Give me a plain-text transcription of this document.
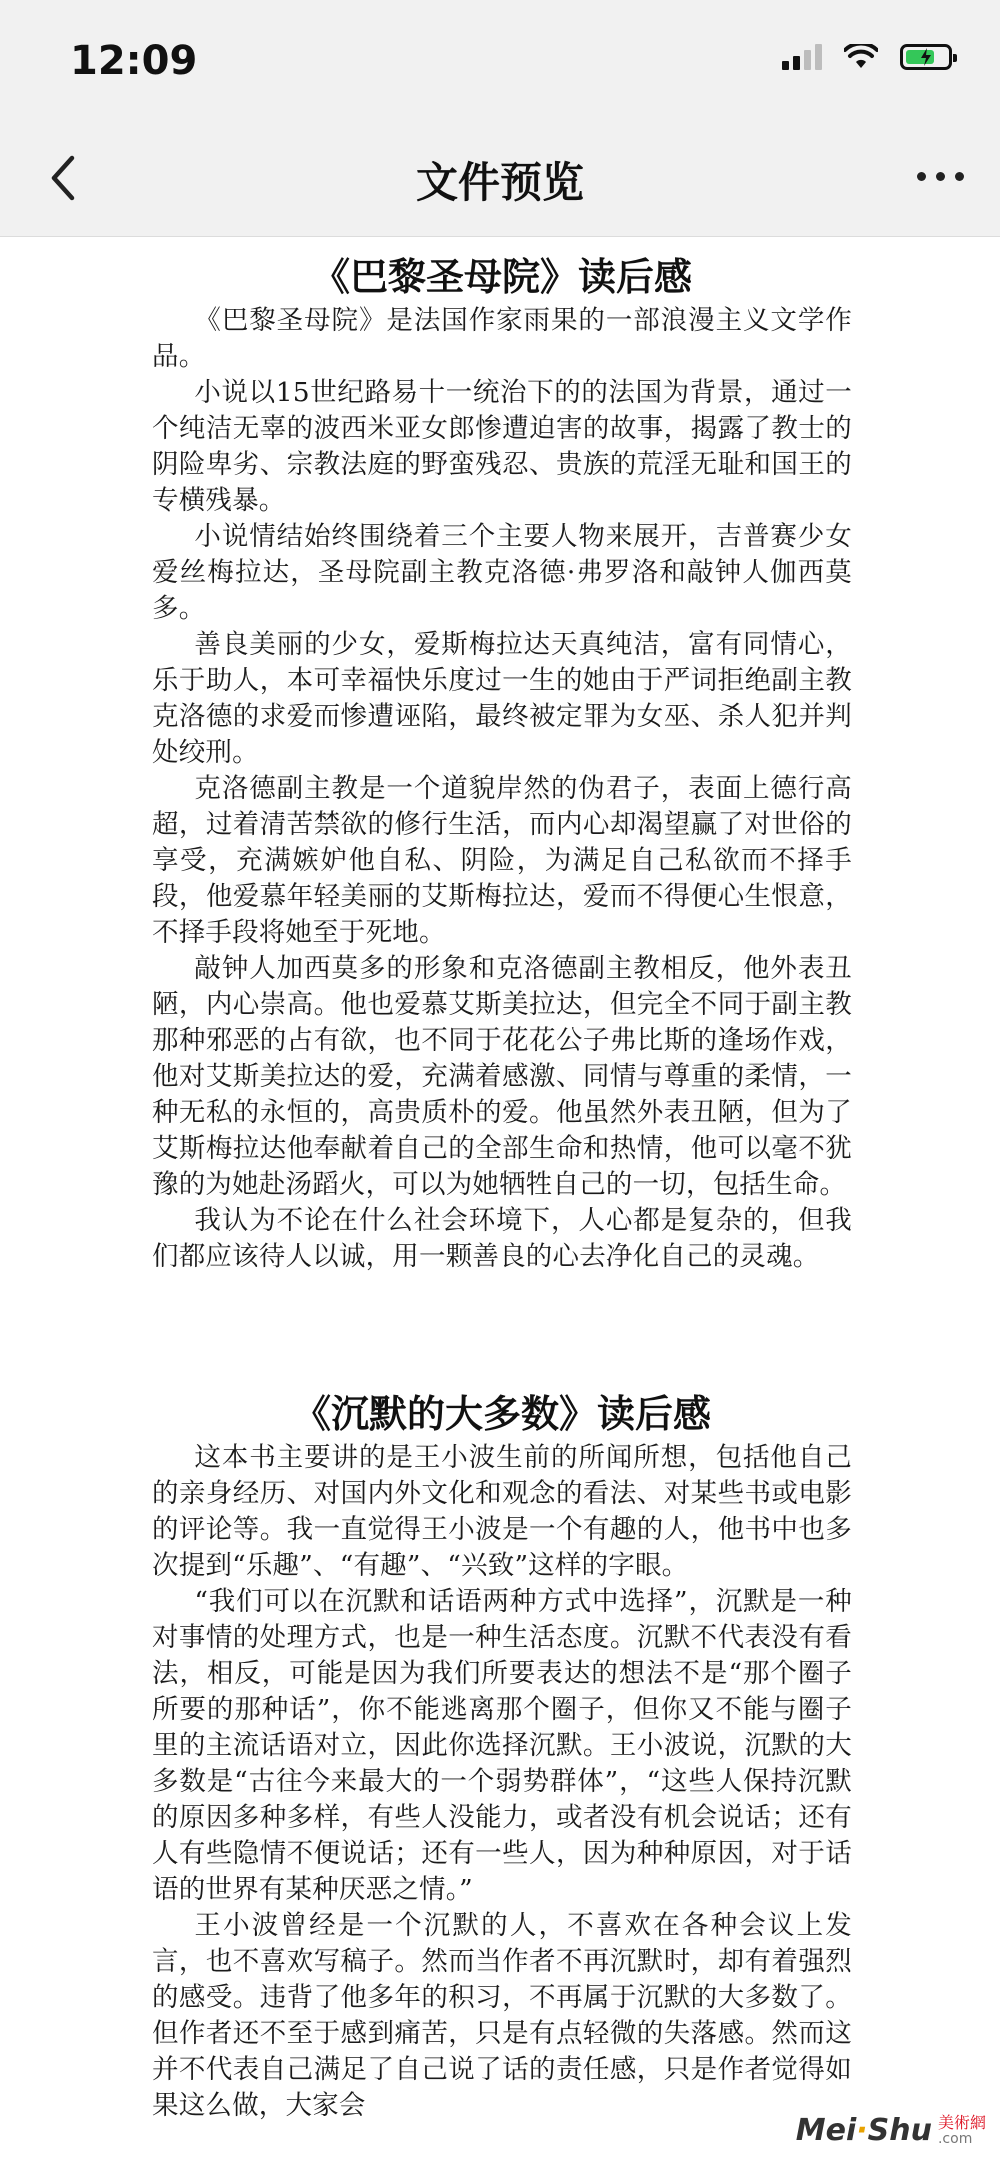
12:09
文件预览
《巴黎圣母院》读后感

《巴黎圣母院》是法国作家雨果的一部浪漫主义文学作品。

小说以15世纪路易十一统治下的的法国为背景，通过一个纯洁无辜的波西米亚女郎惨遭迫害的故事，揭露了教士的阴险卑劣、宗教法庭的野蛮残忍、贵族的荒淫无耻和国王的专横残暴。

小说情结始终围绕着三个主要人物来展开，吉普赛少女爱丝梅拉达，圣母院副主教克洛德·弗罗洛和敲钟人伽西莫多。

善良美丽的少女，爱斯梅拉达天真纯洁，富有同情心，乐于助人，本可幸福快乐度过一生的她由于严词拒绝副主教克洛德的求爱而惨遭诬陷，最终被定罪为女巫、杀人犯并判处绞刑。

克洛德副主教是一个道貌岸然的伪君子，表面上德行高超，过着清苦禁欲的修行生活，而内心却渴望赢了对世俗的享受，充满嫉妒他自私、阴险，为满足自己私欲而不择手段，他爱慕年轻美丽的艾斯梅拉达，爱而不得便心生恨意，不择手段将她至于死地。

敲钟人加西莫多的形象和克洛德副主教相反，他外表丑陋，内心崇高。他也爱慕艾斯美拉达，但完全不同于副主教那种邪恶的占有欲，也不同于花花公子弗比斯的逢场作戏，他对艾斯美拉达的爱，充满着感激、同情与尊重的柔情，一种无私的永恒的，高贵质朴的爱。他虽然外表丑陋，但为了艾斯梅拉达他奉献着自己的全部生命和热情，他可以毫不犹豫的为她赴汤蹈火，可以为她牺牲自己的一切，包括生命。

我认为不论在什么社会环境下，人心都是复杂的，但我们都应该待人以诚，用一颗善良的心去净化自己的灵魂。

《沉默的大多数》读后感

这本书主要讲的是王小波生前的所闻所想，包括他自己的亲身经历、对国内外文化和观念的看法、对某些书或电影的评论等。我一直觉得王小波是一个有趣的人，他书中也多次提到“乐趣”、“有趣”、“兴致”这样的字眼。

“我们可以在沉默和话语两种方式中选择”，沉默是一种对事情的处理方式，也是一种生活态度。沉默不代表没有看法，相反，可能是因为我们所要表达的想法不是“那个圈子所要的那种话”，你不能逃离那个圈子，但你又不能与圈子里的主流话语对立，因此你选择沉默。王小波说，沉默的大多数是“古往今来最大的一个弱势群体”，“这些人保持沉默的原因多种多样，有些人没能力，或者没有机会说话；还有人有些隐情不便说话；还有一些人，因为种种原因，对于话语的世界有某种厌恶之情。”

王小波曾经是一个沉默的人，不喜欢在各种会议上发言，也不喜欢写稿子。然而当作者不再沉默时，却有着强烈的感受。违背了他多年的积习，不再属于沉默的大多数了。但作者还不至于感到痛苦，只是有点轻微的失落感。然而这并不代表自己满足了自己说了话的责任感，只是作者觉得如果这么做，大家会

Mei·Shu 美術網
.com
